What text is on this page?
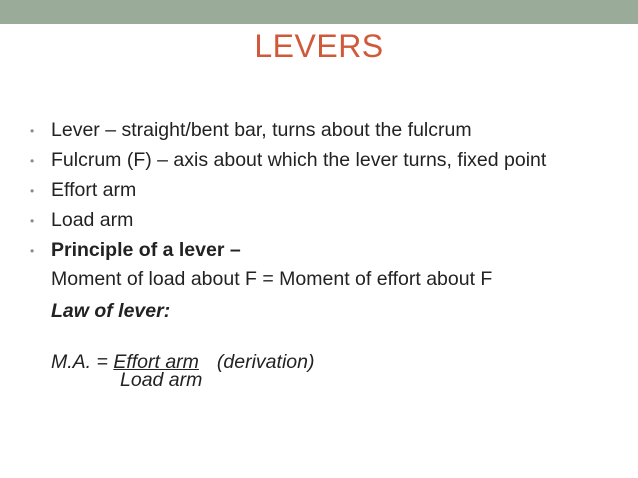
LEVERS
• Lever – straight/bent bar, turns about the fulcrum
• Fulcrum (F) – axis about which the lever turns, fixed point
• Effort arm
• Load arm
• Principle of a lever –
Moment of load about F = Moment of effort about F
Law of lever:
M.A. = Effort arm (derivation)
Load arm
